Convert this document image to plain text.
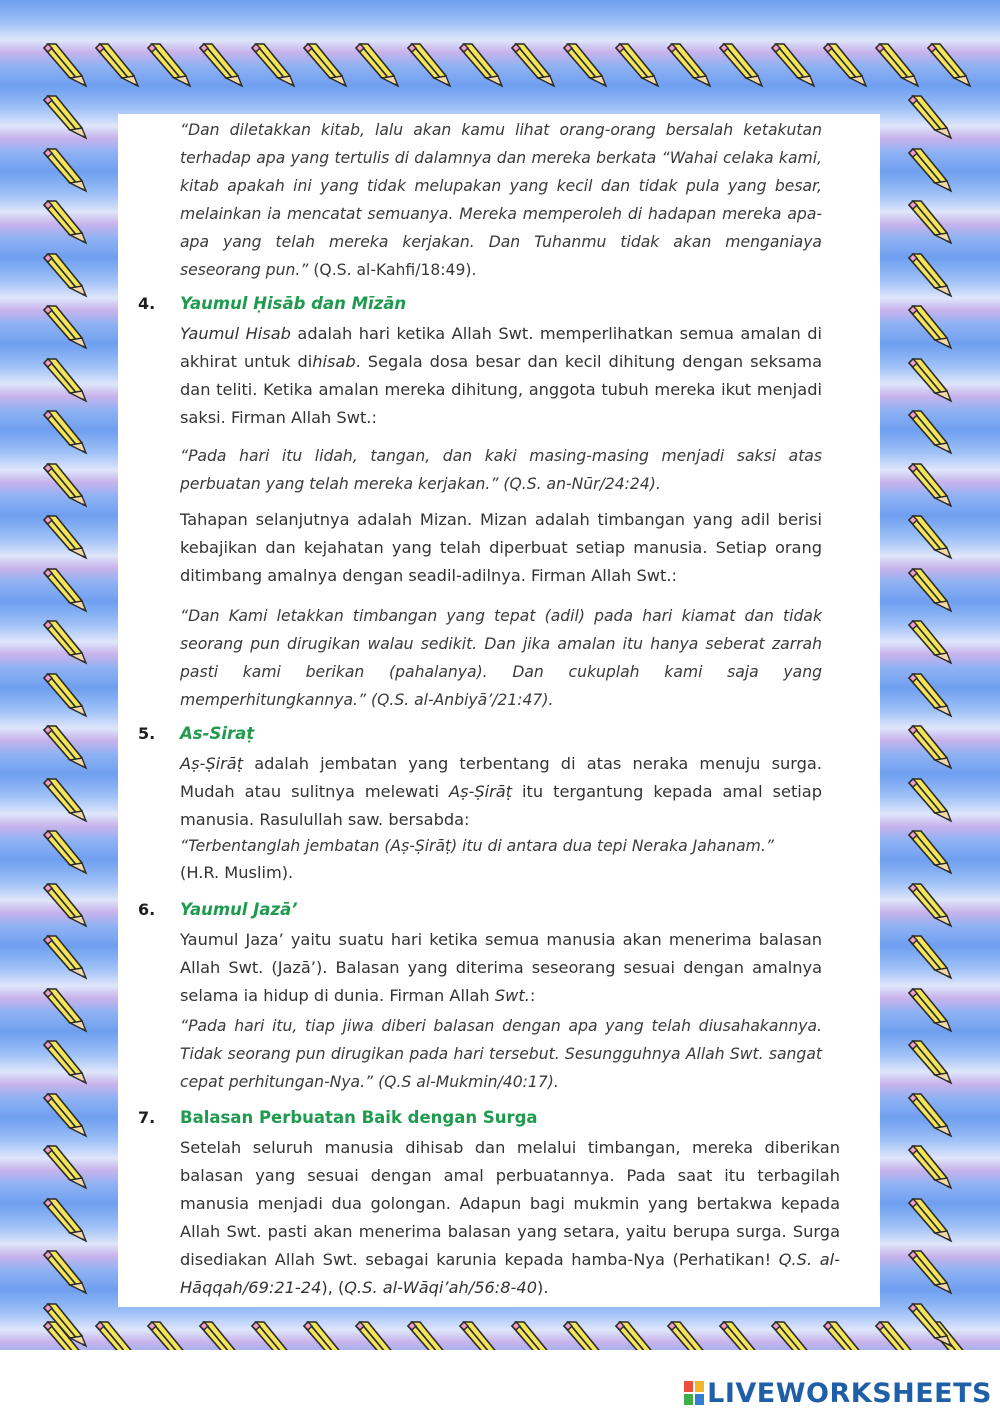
“Dan diletakkan kitab, lalu akan kamu lihat orang-orang bersalah ketakutan terhadap apa yang tertulis di dalamnya dan mereka berkata “Wahai celaka kami, kitab apakah ini yang tidak melupakan yang kecil dan tidak pula yang besar, melainkan ia mencatat semuanya. Mereka memperoleh di hadapan mereka apa-apa yang telah mereka kerjakan. Dan Tuhanmu tidak akan menganiaya seseorang pun.” (Q.S. al-Kahfi/18:49).
4. Yaumul Ḥisāb dan Mīzān
Yaumul Hisab adalah hari ketika Allah Swt. memperlihatkan semua amalan di akhirat untuk dihisab. Segala dosa besar dan kecil dihitung dengan seksama dan teliti. Ketika amalan mereka dihitung, anggota tubuh mereka ikut menjadi saksi. Firman Allah Swt.:
“Pada hari itu lidah, tangan, dan kaki masing-masing menjadi saksi atas perbuatan yang telah mereka kerjakan.” (Q.S. an-Nūr/24:24).
Tahapan selanjutnya adalah Mizan. Mizan adalah timbangan yang adil berisi kebajikan dan kejahatan yang telah diperbuat setiap manusia. Setiap orang ditimbang amalnya dengan seadil-adilnya. Firman Allah Swt.:
“Dan Kami letakkan timbangan yang tepat (adil) pada hari kiamat dan tidak seorang pun dirugikan walau sedikit. Dan jika amalan itu hanya seberat zarrah pasti kami berikan (pahalanya). Dan cukuplah kami saja yang memperhitungkannya.” (Q.S. al-Anbiyā’/21:47).
5. As-Siraṭ
Aṣ-Ṣirāṭ adalah jembatan yang terbentang di atas neraka menuju surga. Mudah atau sulitnya melewati Aṣ-Ṣirāṭ itu tergantung kepada amal setiap manusia. Rasulullah saw. bersabda:
“Terbentanglah jembatan (Aṣ-Ṣirāṭ) itu di antara dua tepi Neraka Jahanam.”
(H.R. Muslim).
6. Yaumul Jazā’
Yaumul Jaza’ yaitu suatu hari ketika semua manusia akan menerima balasan Allah Swt. (Jazā’). Balasan yang diterima seseorang sesuai dengan amalnya selama ia hidup di dunia. Firman Allah Swt.:
“Pada hari itu, tiap jiwa diberi balasan dengan apa yang telah diusahakannya. Tidak seorang pun dirugikan pada hari tersebut. Sesungguhnya Allah Swt. sangat cepat perhitungan-Nya.” (Q.S al-Mukmin/40:17).
7. Balasan Perbuatan Baik dengan Surga
Setelah seluruh manusia dihisab dan melalui timbangan, mereka diberikan balasan yang sesuai dengan amal perbuatannya. Pada saat itu terbagilah manusia menjadi dua golongan. Adapun bagi mukmin yang bertakwa kepada Allah Swt. pasti akan menerima balasan yang setara, yaitu berupa surga. Surga disediakan Allah Swt. sebagai karunia kepada hamba-Nya (Perhatikan! Q.S. al-Hāqqah/69:21-24), (Q.S. al-Wāqi’ah/56:8-40).
LIVEWORKSHEETS
